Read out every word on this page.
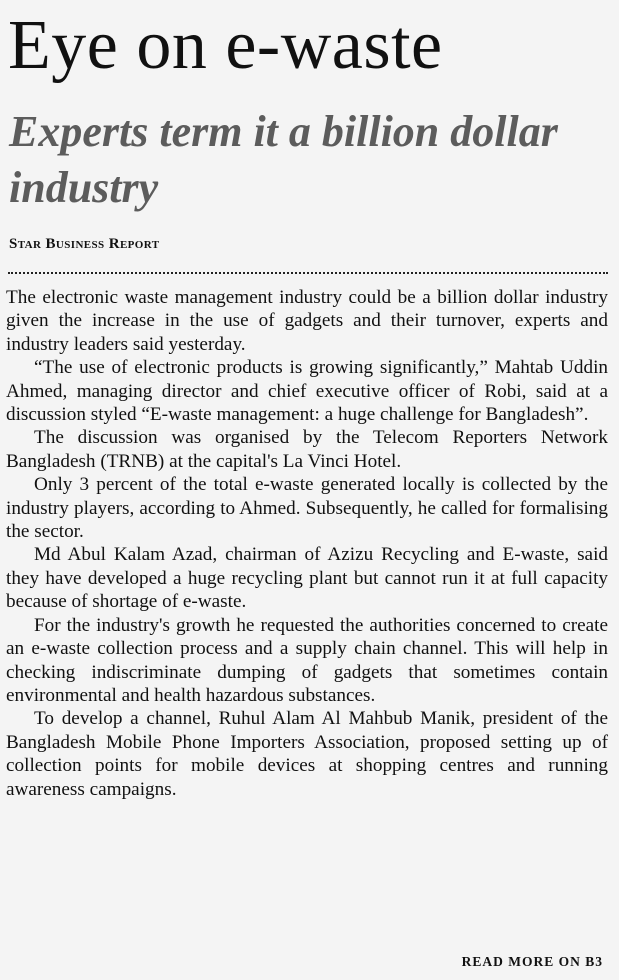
Eye on e-waste
Experts term it a billion dollar industry
Star Business Report

The electronic waste management industry could be a billion dollar industry given the increase in the use of gadgets and their turnover, experts and industry leaders said yesterday.

“The use of electronic products is growing significantly,” Mahtab Uddin Ahmed, managing director and chief executive officer of Robi, said at a discussion styled “E-waste management: a huge challenge for Bangladesh”.

The discussion was organised by the Telecom Reporters Network Bangladesh (TRNB) at the capital's La Vinci Hotel.

Only 3 percent of the total e-waste generated locally is collected by the industry players, according to Ahmed. Subsequently, he called for formalising the sector.

Md Abul Kalam Azad, chairman of Azizu Recycling and E-waste, said they have developed a huge recycling plant but cannot run it at full capacity because of shortage of e-waste.

For the industry's growth he requested the authorities concerned to create an e-waste collection process and a supply chain channel. This will help in checking indiscriminate dumping of gadgets that sometimes contain environmental and health hazardous substances.

To develop a channel, Ruhul Alam Al Mahbub Manik, president of the Bangladesh Mobile Phone Importers Association, proposed setting up of collection points for mobile devices at shopping centres and running awareness campaigns.

READ MORE ON B3
